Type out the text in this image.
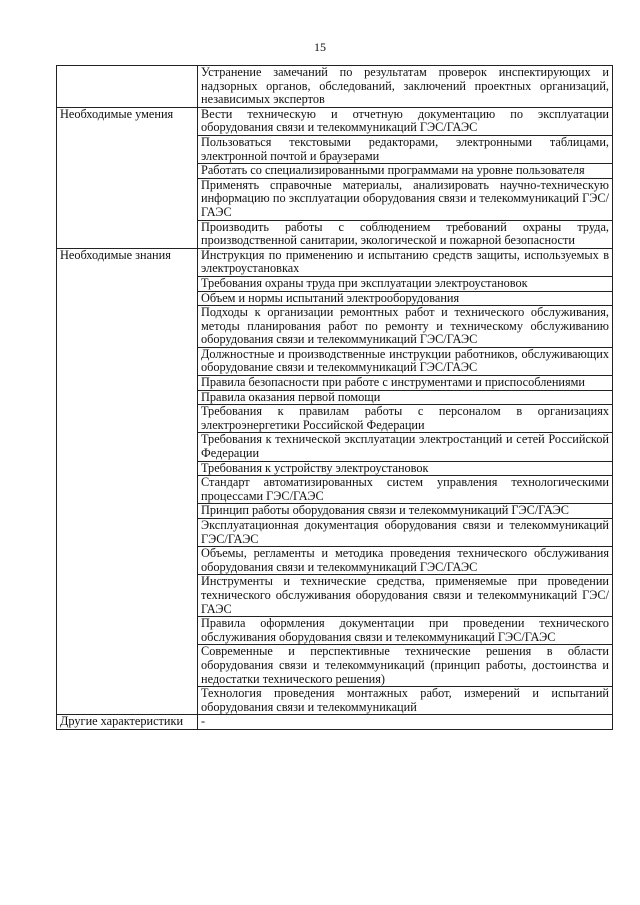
15
	Устранение замечаний по результатам проверок инспектирующих и надзорных органов, обследований, заключений проектных организаций, независимых экспертов
Необходимые умения	Вести техническую и отчетную документацию по эксплуатации оборудования связи и телекоммуникаций ГЭС/ГАЭС
	Пользоваться текстовыми редакторами, электронными таблицами, электронной почтой и браузерами
	Работать со специализированными программами на уровне пользователя
	Применять справочные материалы, анализировать научно-техническую информацию по эксплуатации оборудования связи и телекоммуникаций ГЭС/ГАЭС
	Производить работы с соблюдением требований охраны труда, производственной санитарии, экологической и пожарной безопасности
Необходимые знания	Инструкция по применению и испытанию средств защиты, используемых в электроустановках
	Требования охраны труда при эксплуатации электроустановок
	Объем и нормы испытаний электрооборудования
	Подходы к организации ремонтных работ и технического обслуживания, методы планирования работ по ремонту и техническому обслуживанию оборудования связи и телекоммуникаций ГЭС/ГАЭС
	Должностные и производственные инструкции работников, обслуживающих оборудование связи и телекоммуникаций ГЭС/ГАЭС
	Правила безопасности при работе с инструментами и приспособлениями
	Правила оказания первой помощи
	Требования к правилам работы с персоналом в организациях электроэнергетики Российской Федерации
	Требования к технической эксплуатации электростанций и сетей Российской Федерации
	Требования к устройству электроустановок
	Стандарт автоматизированных систем управления технологическими процессами ГЭС/ГАЭС
	Принцип работы оборудования связи и телекоммуникаций ГЭС/ГАЭС
	Эксплуатационная документация оборудования связи и телекоммуникаций ГЭС/ГАЭС
	Объемы, регламенты и методика проведения технического обслуживания оборудования связи и телекоммуникаций ГЭС/ГАЭС
	Инструменты и технические средства, применяемые при проведении технического обслуживания оборудования связи и телекоммуникаций ГЭС/ГАЭС
	Правила оформления документации при проведении технического обслуживания оборудования связи и телекоммуникаций ГЭС/ГАЭС
	Современные и перспективные технические решения в области оборудования связи и телекоммуникаций (принцип работы, достоинства и недостатки технического решения)
	Технология проведения монтажных работ, измерений и испытаний оборудования связи и телекоммуникаций
Другие характеристики	-
